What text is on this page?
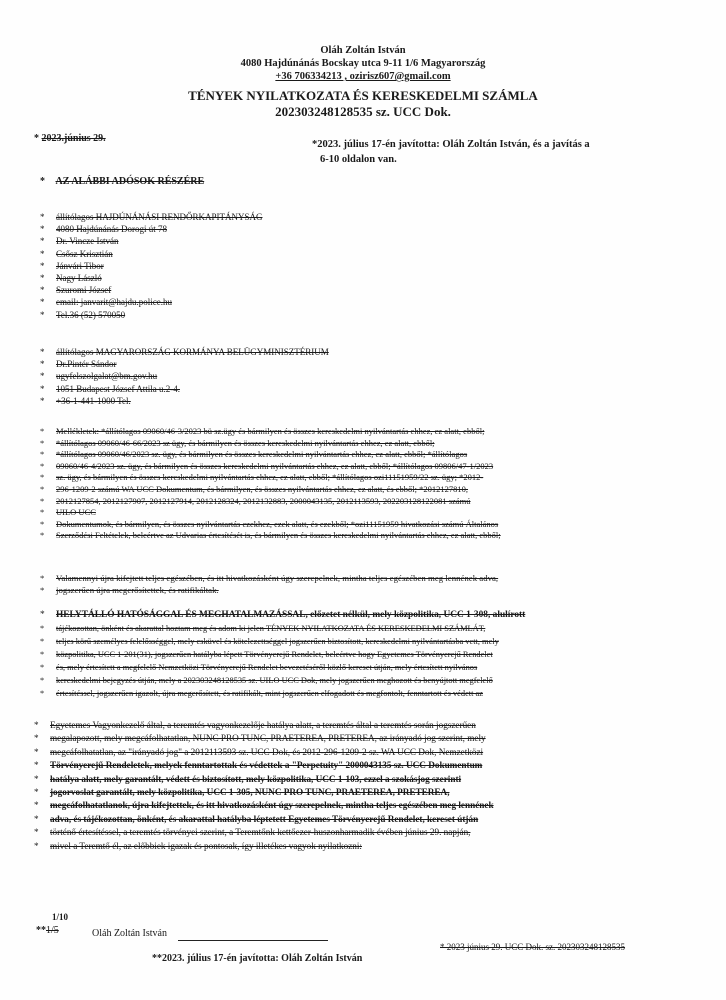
Oláh Zoltán István
4080 Hajdúnánás Bocskay utca 9-11 1/6 Magyarország
+36 706334213 , ozirisz607@gmail.com
TÉNYEK NYILATKOZATA ÉS KERESKEDELMI SZÁMLA
202303248128535 sz. UCC Dok.
* 2023.június 29.
*2023. július 17-én javította: Oláh Zoltán István, és a javítás a
6-10 oldalon van.
* AZ ALÁBBI ADÓSOK RÉSZÉRE
* állítólagos HAJDÚNÁNÁSI RENDŐRKAPITÁNYSÁG
* 4080 Hajdúnánás Dorogi út 78
* Dr. Vincze István
* Csősz Krisztián
* Jánvári Tibor
* Nagy László
* Szuromi József
* email: janvarit@hajdu.police.hu
* Tel.36 (52) 570050
* állítólagos MAGYARORSZÁG KORMÁNYA BELÜGYMINISZTÉRIUM
* Dr.Pintér Sándor
* ugyfelszolgalat@bm.gov.hu
* 1051 Budapest József Attila u.2-4.
* +36-1-441-1000 Tel.
* Mellékletek: *állítólagos 09060/46-3/2023 bü sz.ügy és bármilyen és összes kereskedelmi nyilvántartás ehhez, ez alatt, ebből;
* *állítólagos 09060/46-66/2023 sz ügy, és bármilyen és összes kereskedelmi nyilvántartás ehhez, ez alatt, ebből;
* *állítólagos 09060/46/2023 sz. ügy, és bármilyen és összes kereskedelmi nyilvántartás ehhez, ez alatt, ebből; *állítólagos
* 09060/46-4/2023 sz. ügy, és bármilyen és összes kereskedelmi nyilvántartás ehhez, ez alatt, ebből; *állítólagos 09806/47-1/2023
* sz. ügy, és bármilyen és összes kereskedelmi nyilvántartás ehhez, ez alatt, ebből; *állítólagos ozi11151959/22 sz. ügy; *2012-
* 296-1209-2 számú WA UCC Dokumentum, és bármilyen, és összes nyilvántartás ehhez, ez alatt, és ebből; *2012127810,
* 2012127854, 2012127907, 2012127914, 2012128324, 2012132883, 2000043135, 2012113593, 202203128122081 számú
* UILO UCC
* Dokumentumok, és bármilyen, és összes nyilvántartás ezekhez, ezek alatt, és ezekből; *ozi11151959 hivatkozási számú Általános
* Szerződési Feltételek, beleértve az Udvarias értesítését is, és bármilyen és összes kereskedelmi nyilvántartás ehhez, ez alatt, ebből;
* Valamennyi újra kifejtett teljes egészében, és itt hivatkozásként úgy szerepelnek, mintha teljes egészében meg lennének adva,
* jogszerűen újra megerősítettek, és ratifikáltak.
* HELYTÁLLÓ HATÓSÁGGAL ÉS MEGHATALMAZÁSSAL, előzetet nélkül, mely közpolitika, UCC 1-308, alulírott
* tájékozottan, önként és akarattal hoztam meg és adom ki jelen TÉNYEK NYILATKOZATA ÉS KERESKEDELMI SZÁMLÁT,
* teljes körű személyes felelősséggel, mely esküvel és kötelezettséggel jogszerűen biztosított, kereskedelmi nyilvántartásba vett, mely
* közpolitika, UCC 1-201(31), jogszerűen hatályba lépett Törvényerejű Rendelet, beleértve hogy Egyetemes Törvényerejű Rendelet
* és, mely értesített a megfelelő Nemzetközi Törvényerejű Rendelet bevezetéséről közlő kereset útján, mely értesített nyilvános
* kereskedelmi bejegyzés útján, mely a 202303248128535 sz. UILO UCC Dok, mely jogszerűen meghozott és benyújtott megfelelő
* értesítéssel, jogszerűen igazolt, újra megerősített, és ratifikált, mint jogszerűen elfogadott és megfontolt, fenntartott és védett az
* Egyetemes Vagyonkezelő által, a teremtés vagyonkezelője hatálya alatt, a teremtés által a teremtés során jogszerűen
* megalapozott, mely megcáfolhatatlan, NUNC PRO TUNC, PRAETEREA, PRETEREA, az irányadó jog szerint, mely
* megcáfolhatatlan, az "irányadó jog" a 2012113593 sz. UCC Dok, és 2012-296-1209-2 sz. WA UCC Dok, Nemzetközi
* Törvényerejű Rendeletek, melyek fenntartottak és védettek a "Perpetuity" 2000043135 sz. UCC Dokumentum
* hatálya alatt, mely garantált, védett és biztosított, mely közpolitika, UCC 1-103, ezzel a szokásjog szerinti
* jogorvoslat garantált, mely közpolitika, UCC 1-305, NUNC PRO TUNC, PRAETEREA, PRETEREA,
* megcáfolhatatlanok, újra kifejtettek, és itt hivatkozásként úgy szerepelnek, mintha teljes egészében meg lennének
* adva, és tájékozottan, önként, és akarattal hatályba léptetett Egyetemes Törvényerejű Rendelet, kereset útján
* történő értesítéssel, a teremtés törvényei szerint, a Teremtőnk kettőezer-huszonharmadik évében június 29. napján,
* mivel a Teremtő él, az előbbiek igazak és pontosak, így illetékes vagyok nyilatkozni:
1/10
**1/5	Oláh Zoltán István
* 2023 június 29. UCC Dok. sz. 202303248128535
**2023. július 17-én javította: Oláh Zoltán István
